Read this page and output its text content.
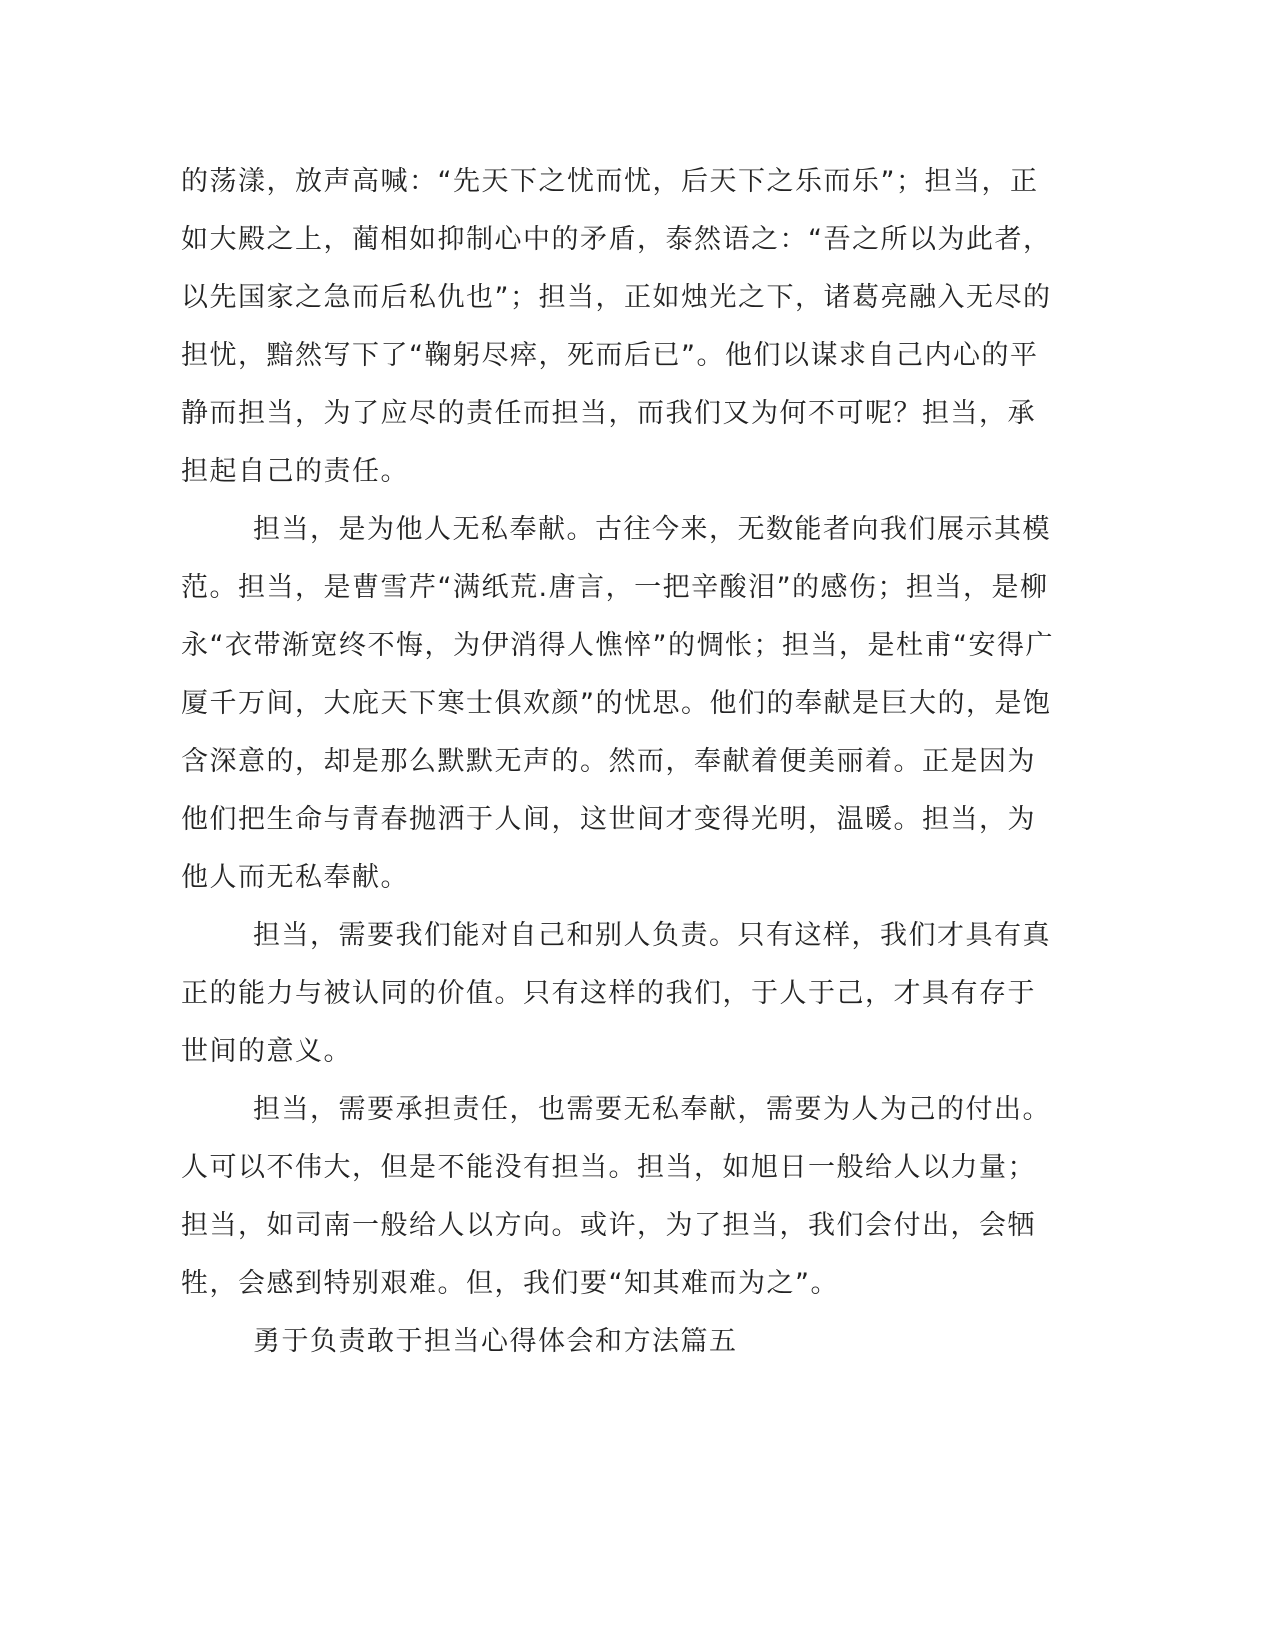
的荡漾，放声高喊：“先天下之忧而忧，后天下之乐而乐”；担当，正
如大殿之上，蔺相如抑制心中的矛盾，泰然语之：“吾之所以为此者，
以先国家之急而后私仇也”；担当，正如烛光之下，诸葛亮融入无尽的
担忧，黯然写下了“鞠躬尽瘁，死而后已”。他们以谋求自己内心的平
静而担当，为了应尽的责任而担当，而我们又为何不可呢？担当，承
担起自己的责任。
担当，是为他人无私奉献。古往今来，无数能者向我们展示其模
范。担当，是曹雪芹“满纸荒.唐言，一把辛酸泪”的感伤；担当，是柳
永“衣带渐宽终不悔，为伊消得人憔悴”的惆怅；担当，是杜甫“安得广
厦千万间，大庇天下寒士俱欢颜”的忧思。他们的奉献是巨大的，是饱
含深意的，却是那么默默无声的。然而，奉献着便美丽着。正是因为
他们把生命与青春抛洒于人间，这世间才变得光明，温暖。担当，为
他人而无私奉献。
担当，需要我们能对自己和别人负责。只有这样，我们才具有真
正的能力与被认同的价值。只有这样的我们，于人于己，才具有存于
世间的意义。
担当，需要承担责任，也需要无私奉献，需要为人为己的付出。
人可以不伟大，但是不能没有担当。担当，如旭日一般给人以力量；
担当，如司南一般给人以方向。或许，为了担当，我们会付出，会牺
牲，会感到特别艰难。但，我们要“知其难而为之”。
勇于负责敢于担当心得体会和方法篇五
